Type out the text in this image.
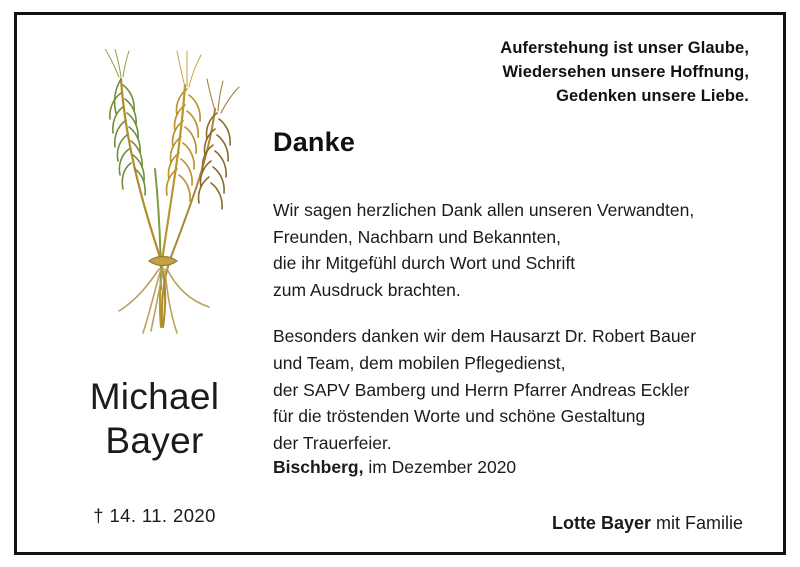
Auferstehung ist unser Glaube,
Wiedersehen unsere Hoffnung,
Gedenken unsere Liebe.
Michael
Bayer
† 14. 11. 2020
Danke
Wir sagen herzlichen Dank allen unseren Verwandten,
Freunden, Nachbarn und Bekannten,
die ihr Mitgefühl durch Wort und Schrift
zum Ausdruck brachten.
Besonders danken wir dem Hausarzt Dr. Robert Bauer
und Team, dem mobilen Pflegedienst,
der SAPV Bamberg und Herrn Pfarrer Andreas Eckler
für die tröstenden Worte und schöne Gestaltung
der Trauerfeier.
Bischberg, im Dezember 2020
Lotte Bayer mit Familie
